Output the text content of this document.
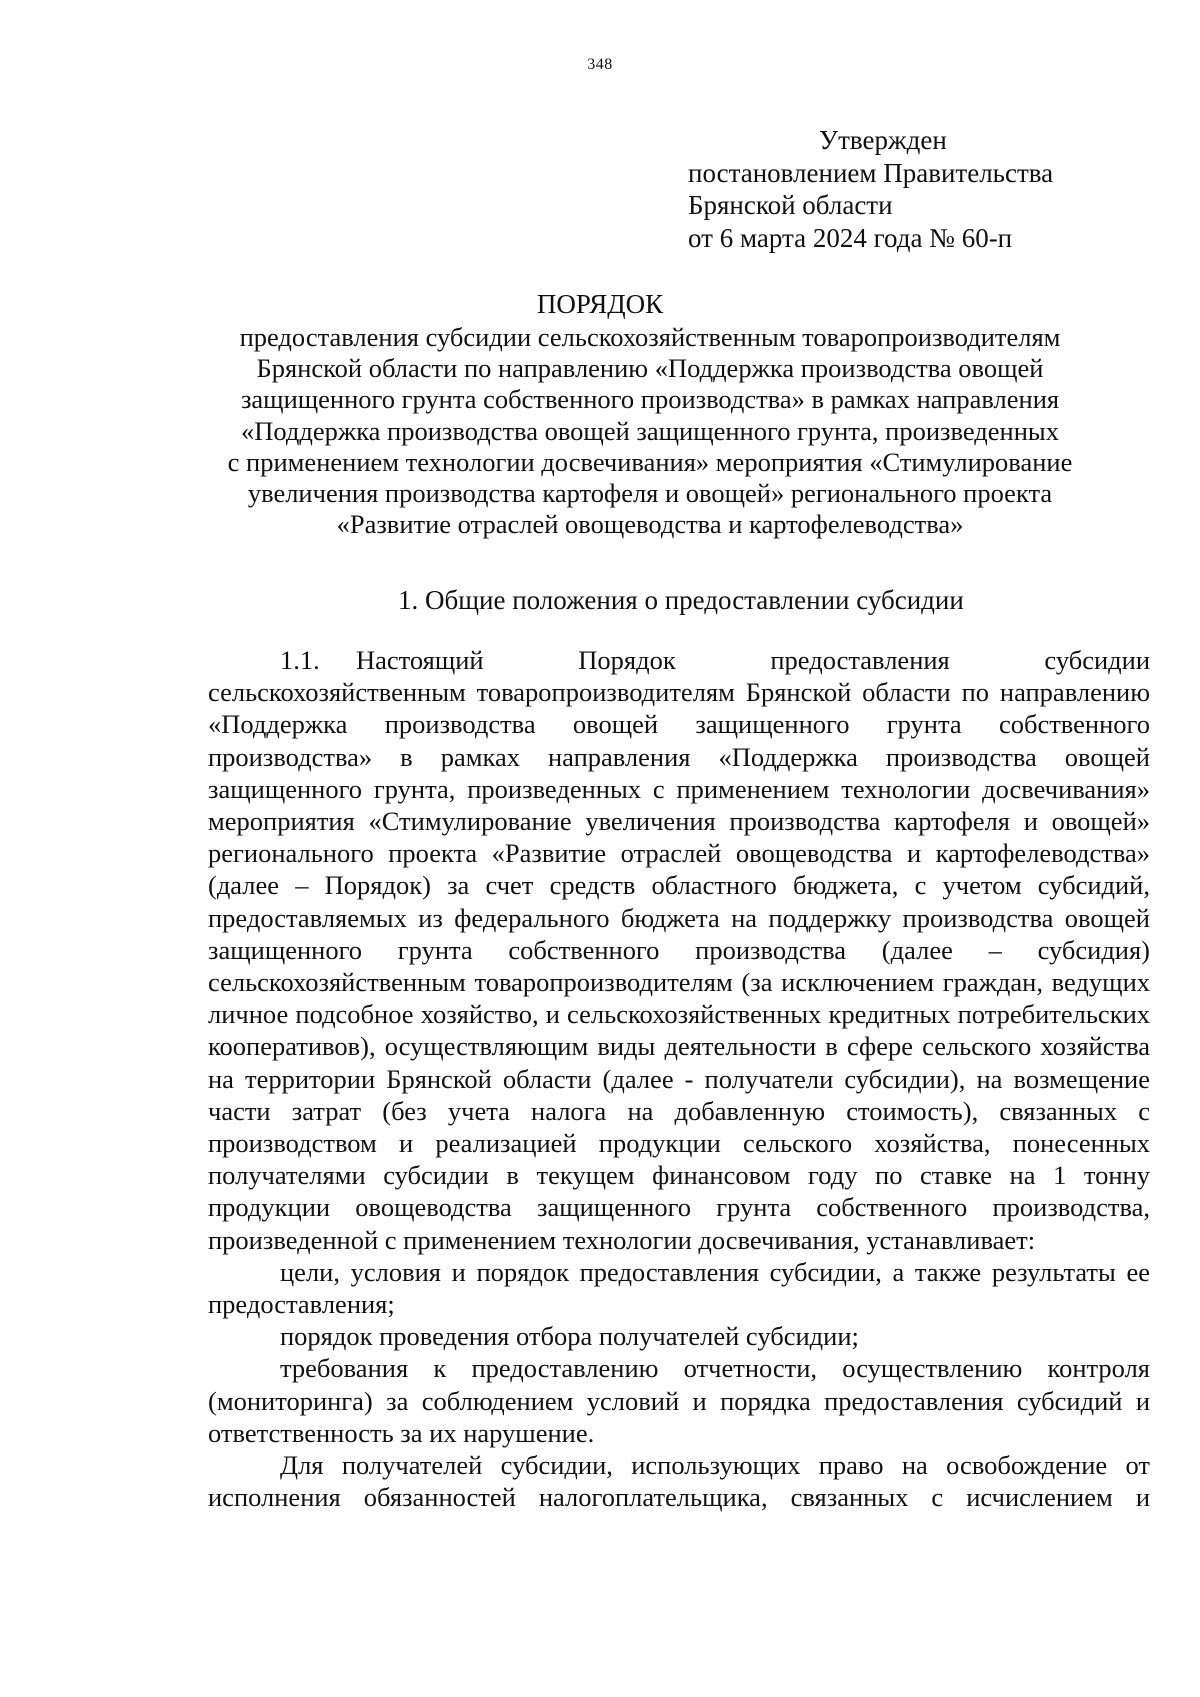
348
Утвержден
постановлением Правительства
Брянской области
от 6 марта 2024 года № 60-п
ПОРЯДОК
предоставления субсидии сельскохозяйственным товаропроизводителям
Брянской области по направлению «Поддержка производства овощей
защищенного грунта собственного производства» в рамках направления
«Поддержка производства овощей защищенного грунта, произведенных
с применением технологии досвечивания» мероприятия «Стимулирование
увеличения производства картофеля и овощей» регионального проекта
«Развитие отраслей овощеводства и картофелеводства»
1. Общие положения о предоставлении субсидии

1.1. Настоящий Порядок предоставления субсидии сельскохозяйственным товаропроизводителям Брянской области по направлению «Поддержка производства овощей защищенного грунта собственного производства» в рамках направления «Поддержка производства овощей защищенного грунта, произведенных с применением технологии досвечивания» мероприятия «Стимулирование увеличения производства картофеля и овощей» регионального проекта «Развитие отраслей овощеводства и картофелеводства» (далее – Порядок) за счет средств областного бюджета, с учетом субсидий, предоставляемых из федерального бюджета на поддержку производства овощей защищенного грунта собственного производства (далее – субсидия) сельскохозяйственным товаропроизводителям (за исключением граждан, ведущих личное подсобное хозяйство, и сельскохозяйственных кредитных потребительских кооперативов), осуществляющим виды деятельности в сфере сельского хозяйства на территории Брянской области (далее - получатели субсидии), на возмещение части затрат (без учета налога на добавленную стоимость), связанных с производством и реализацией продукции сельского хозяйства, понесенных получателями субсидии в текущем финансовом году по ставке на 1 тонну продукции овощеводства защищенного грунта собственного производства, произведенной с применением технологии досвечивания, устанавливает:

цели, условия и порядок предоставления субсидии, а также результаты ее предоставления;

порядок проведения отбора получателей субсидии;

требования к предоставлению отчетности, осуществлению контроля (мониторинга) за соблюдением условий и порядка предоставления субсидий и ответственность за их нарушение.

Для получателей субсидии, использующих право на освобождение от исполнения обязанностей налогоплательщика, связанных с исчислением и
